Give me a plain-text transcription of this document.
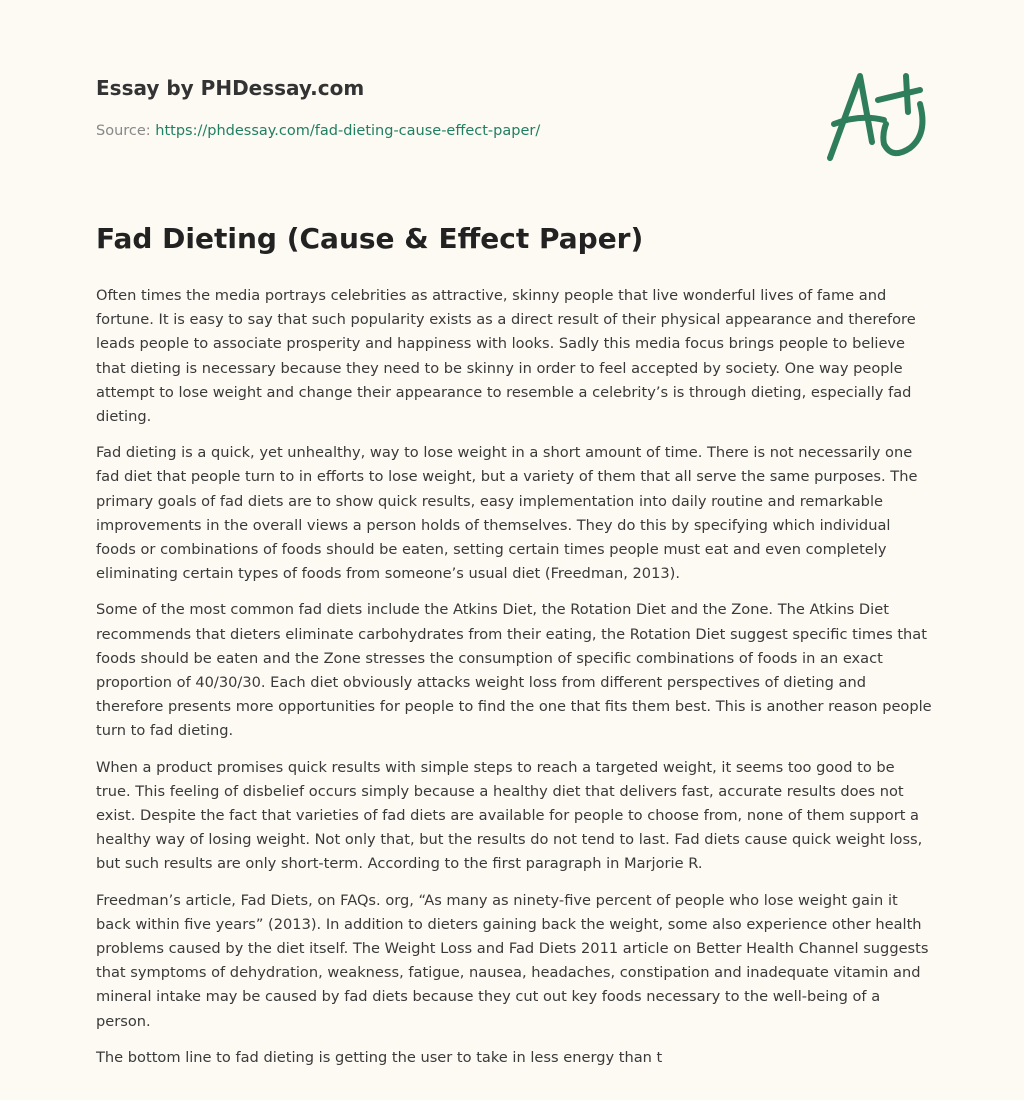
Essay by PHDessay.com

Source: https://phdessay.com/fad-dieting-cause-effect-paper/
Fad Dieting (Cause & Effect Paper)

Often times the media portrays celebrities as attractive, skinny people that live wonderful lives of fame and fortune. It is easy to say that such popularity exists as a direct result of their physical appearance and therefore leads people to associate prosperity and happiness with looks. Sadly this media focus brings people to believe that dieting is necessary because they need to be skinny in order to feel accepted by society. One way people attempt to lose weight and change their appearance to resemble a celebrity’s is through dieting, especially fad dieting.

Fad dieting is a quick, yet unhealthy, way to lose weight in a short amount of time. There is not necessarily one fad diet that people turn to in efforts to lose weight, but a variety of them that all serve the same purposes. The primary goals of fad diets are to show quick results, easy implementation into daily routine and remarkable improvements in the overall views a person holds of themselves. They do this by specifying which individual foods or combinations of foods should be eaten, setting certain times people must eat and even completely eliminating certain types of foods from someone’s usual diet (Freedman, 2013).

Some of the most common fad diets include the Atkins Diet, the Rotation Diet and the Zone. The Atkins Diet recommends that dieters eliminate carbohydrates from their eating, the Rotation Diet suggest specific times that foods should be eaten and the Zone stresses the consumption of specific combinations of foods in an exact proportion of 40/30/30. Each diet obviously attacks weight loss from different perspectives of dieting and therefore presents more opportunities for people to find the one that fits them best. This is another reason people turn to fad dieting.

When a product promises quick results with simple steps to reach a targeted weight, it seems too good to be true. This feeling of disbelief occurs simply because a healthy diet that delivers fast, accurate results does not exist. Despite the fact that varieties of fad diets are available for people to choose from, none of them support a healthy way of losing weight. Not only that, but the results do not tend to last. Fad diets cause quick weight loss, but such results are only short-term. According to the first paragraph in Marjorie R.

Freedman’s article, Fad Diets, on FAQs. org, “As many as ninety-five percent of people who lose weight gain it back within five years” (2013). In addition to dieters gaining back the weight, some also experience other health problems caused by the diet itself. The Weight Loss and Fad Diets 2011 article on Better Health Channel suggests that symptoms of dehydration, weakness, fatigue, nausea, headaches, constipation and inadequate vitamin and mineral intake may be caused by fad diets because they cut out key foods necessary to the well-being of a person.

The bottom line to fad dieting is getting the user to take in less energy than t
